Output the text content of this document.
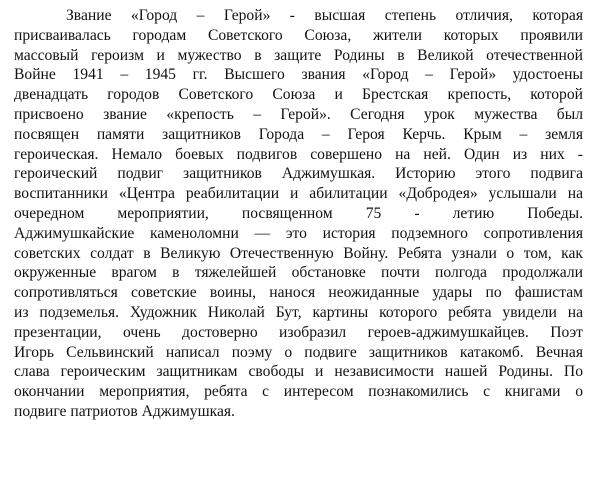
Звание «Город – Герой» - высшая степень отличия, которая
присваивалась городам Советского Союза, жители которых проявили
массовый героизм и мужество в защите Родины в Великой отечественной
Войне 1941 – 1945 гг. Высшего звания «Город – Герой» удостоены
двенадцать городов Советского Союза и Брестская крепость, которой
присвоено звание «крепость – Герой». Сегодня урок мужества был
посвящен памяти защитников Города – Героя Керчь. Крым – земля
героическая. Немало боевых подвигов совершено на ней. Один из них -
героический подвиг защитников Аджимушкая. Историю этого подвига
воспитанники «Центра реабилитации и абилитации «Добродея» услышали на
очередном мероприятии, посвященном 75 - летию Победы.
Аджимушкайские каменоломни — это история подземного сопротивления
советских солдат в Великую Отечественную Войну. Ребята узнали о том, как
окруженные врагом в тяжелейшей обстановке почти полгода продолжали
сопротивляться советские воины, нанося неожиданные удары по фашистам
из подземелья. Художник Николай Бут, картины которого ребята увидели на
презентации, очень достоверно изобразил героев-аджимушкайцев. Поэт
Игорь Сельвинский написал поэму о подвиге защитников катакомб. Вечная
слава героическим защитникам свободы и независимости нашей Родины. По
окончании мероприятия, ребята с интересом познакомились с книгами о
подвиге патриотов Аджимушкая.
